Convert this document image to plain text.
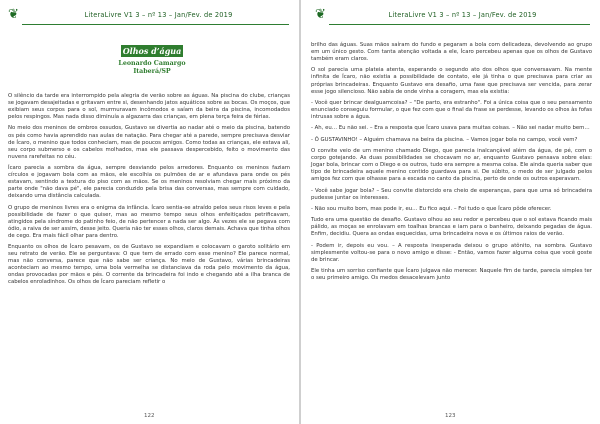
❦	LiteraLivre V1 3 – nº 13 – Jan/Fev. de 2019
Olhos d’água
Leonardo Camargo
Itaberá/SP

O silêncio da tarde era interrompido pela alegria de verão sobre as águas. Na piscina do clube, crianças se jogavam desajeitadas e gritavam entre si, desenhando jatos aquáticos sobre as bocas. Os moços, que exibiam seus corpos para o sol, murmuravam incômodos e saíam da beira da piscina, incomodados pelos respingos. Mas nada disso diminuía a algazarra das crianças, em plena terça feira de férias.

No meio dos meninos de ombros ossudos, Gustavo se divertia ao nadar até o meio da piscina, batendo os pés como havia aprendido nas aulas de natação. Para chegar até a parede, sempre precisava desviar de Ícaro, o menino que todos conheciam, mas de poucos amigos. Como todas as crianças, ele estava ali, seu corpo submerso e os cabelos molhados, mas ele passava despercebido, feito o movimento das nuvens rarefeitas no céu.

Ícaro parecia a sombra da água, sempre desviando pelos arredores. Enquanto os meninos faziam círculos e jogavam bola com as mãos, ele escolhia os pulmões de ar e afundava para onde os pés estavam, sentindo a textura do piso com as mãos. Se os meninos resolviam chegar mais próximo da parte onde "não dava pé", ele parecia conduzido pela brisa das conversas, mas sempre com cuidado, deixando uma distância calculada.

O grupo de meninos livres era o enigma da infância. Ícaro sentia-se atraído pelos seus risos leves e pela possibilidade de fazer o que quiser, mas ao mesmo tempo seus olhos enfeitiçados petrificavam, atingidos pela síndrome do patinho feio, de não pertencer a nada ser algo. Às vezes ele se pegava com ódio, a raiva de ser assim, desse jeito. Queria não ter esses olhos, claros demais. Achava que tinha olhos de cego. Era mais fácil olhar para dentro.

Enquanto os olhos de Ícaro pesavam, os de Gustavo se expandiam e colocavam o garoto solitário em seu retrato de verão. Ele se perguntava: O que tem de errado com esse menino? Ele parece normal, mas não conversa, parece que não sabe ser criança. No meio de Gustavo, várias brincadeiras aconteciam ao mesmo tempo, uma bola vermelha se distanciava da roda pelo movimento da água, ondas provocadas por mãos e pés. O corrente da brincadeira foi indo e chegando até a ilha branca de cabelos enroladinhos. Os olhos de Ícaro pareciam refletir o

122
❦	LiteraLivre V1 3 – nº 13 – Jan/Fev. de 2019

brilho das águas. Suas mãos saíram do fundo e pegaram a bola com delicadeza, devolvendo ao grupo em um único gesto. Com tanta atenção voltada a ele, Ícaro percebeu apenas que os olhos de Gustavo também eram claros.

O sol parecia uma plateia atenta, esperando o segundo ato dos olhos que conversavam. Na mente infinita de Ícaro, não existia a possibilidade de contato, ele já tinha o que precisava para criar as próprias brincadeiras. Enquanto Gustavo era desafio, uma fase que precisava ser vencida, para zerar esse jogo silencioso. Não sabia de onde vinha a coragem, mas ela existia:

- Você quer brincar dealguamcoisa? – "De parto, era estranho". Foi a única coisa que o seu pensamento enunciado conseguiu formular, o que fez com que o final da frase se perdesse, levando os olhos às fofas intrusas sobre a água.

- Ah, eu… Eu não sei. – Era a resposta que Ícaro usava para muitas coisas. – Não sei nadar muito bem…

- Ô GUSTAVINHO! – Alguém chamava na beira da piscina. – Vamos jogar bola no campo, você vem?

O convite veio de um menino chamado Diego, que parecia inalcançável além da água, de pé, com o corpo gotejando. As duas possibilidades se chocavam no ar, enquanto Gustavo pensava sobre elas: Jogar bola, brincar com o Diego e os outros, tudo era sempre a mesma coisa. Ele ainda queria saber que tipo de brincadeira aquele menino contido guardava para si. De súbito, o medo de ser julgado pelos amigos fez com que olhasse para a escada no canto da piscina, perto de onde os outros esperavam.

- Você sabe jogar bola? – Seu convite distorcido era cheio de esperanças, para que uma só brincadeira pudesse juntar os interesses.

- Não sou muito bom, mas pode ir, eu… Eu fico aqui. – Foi tudo o que Ícaro pôde oferecer.

Tudo era uma questão de desafio. Gustavo olhou ao seu redor e percebeu que o sol estava ficando mais pálido, as moças se enrolavam em toalhas brancas e iam para o banheiro, deixando pegadas de água. Enfim, decidiu. Quera as ondas esquecidas, uma brincadeira nova e os últimos raios de verão.

- Podem ir, depois eu vou. – A resposta inesperada deixou o grupo atônito, na sombra. Gustavo simplesmente voltou-se para o novo amigo e disse: - Então, vamos fazer alguma coisa que você goste de brincar.

Ele tinha um sorriso confiante que Ícaro julgava não merecer. Naquele fim de tarde, parecia simples ter o seu primeiro amigo. Os medos desacelevam junto

123
